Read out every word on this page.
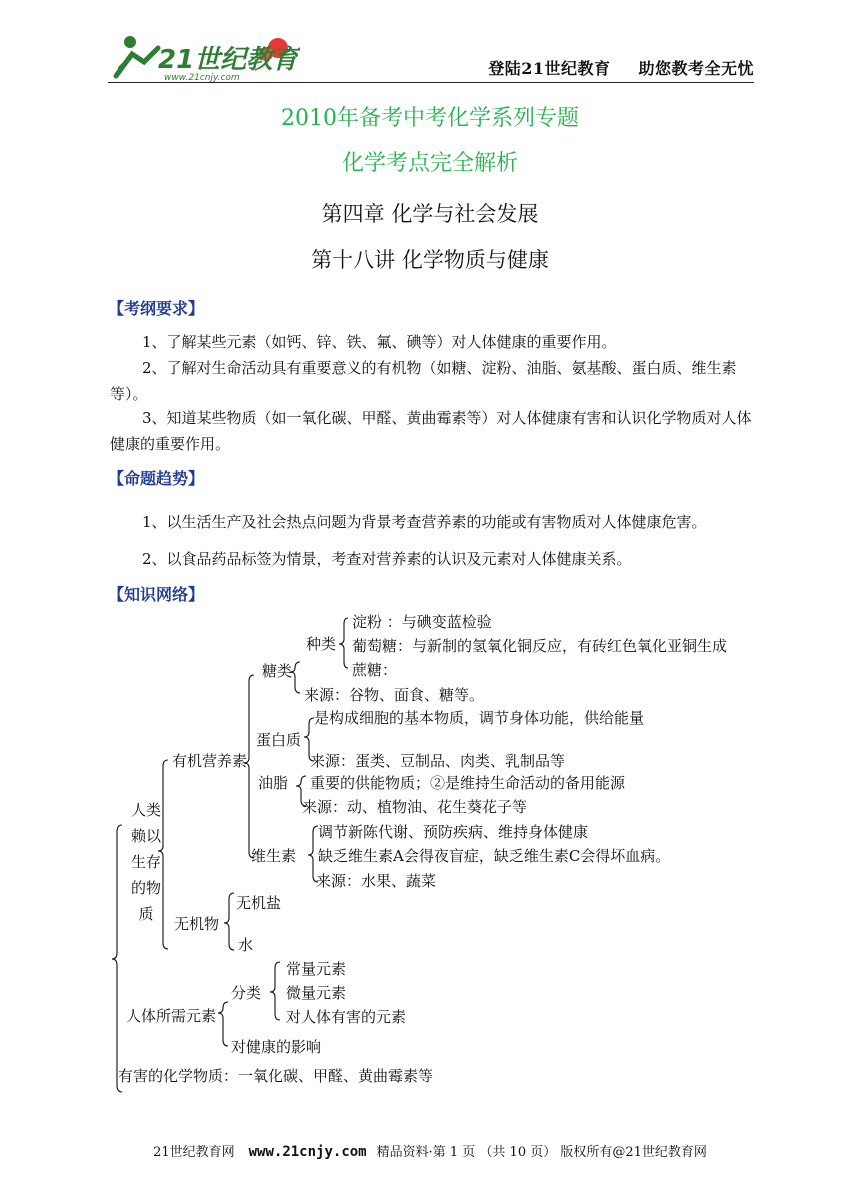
21世纪教育
www.21cnjy.com	登陆21世纪教育 助您教考全无忧
2010年备考中考化学系列专题
化学考点完全解析
第四章 化学与社会发展
第十八讲 化学物质与健康
【考纲要求】
1、了解某些元素（如钙、锌、铁、氟、碘等）对人体健康的重要作用。
2、了解对生命活动具有重要意义的有机物（如糖、淀粉、油脂、氨基酸、蛋白质、维生素等）。
3、知道某些物质（如一氧化碳、甲醛、黄曲霉素等）对人体健康有害和认识化学物质对人体健康的重要作用。
【命题趋势】
1、以生活生产及社会热点问题为背景考查营养素的功能或有害物质对人体健康危害。
2、以食品药品标签为情景，考查对营养素的认识及元素对人体健康关系。
【知识网络】
人类
赖以
生存
的物
质
有机营养素
糖类
种类
淀粉 ：与碘变蓝检验
葡萄糖：与新制的氢氧化铜反应，有砖红色氧化亚铜生成
蔗糖：
来源：谷物、面食、糖等。
蛋白质
是构成细胞的基本物质，调节身体功能，供给能量
来源：蛋类、豆制品、肉类、乳制品等
油脂 重要的供能物质；②是维持生命活动的备用能源
来源：动、植物油、花生葵花子等
维生素
调节新陈代谢、预防疾病、维持身体健康
缺乏维生素A会得夜盲症，缺乏维生素C会得坏血病。
来源：水果、蔬菜
无机物
无机盐
水
人体所需元素
分类
常量元素
微量元素
对人体有害的元素
对健康的影响
有害的化学物质：一氧化碳、甲醛、黄曲霉素等
21世纪教育网 www.21cnjy.com 精品资料·第 1 页 （共 10 页） 版权所有@21世纪教育网
